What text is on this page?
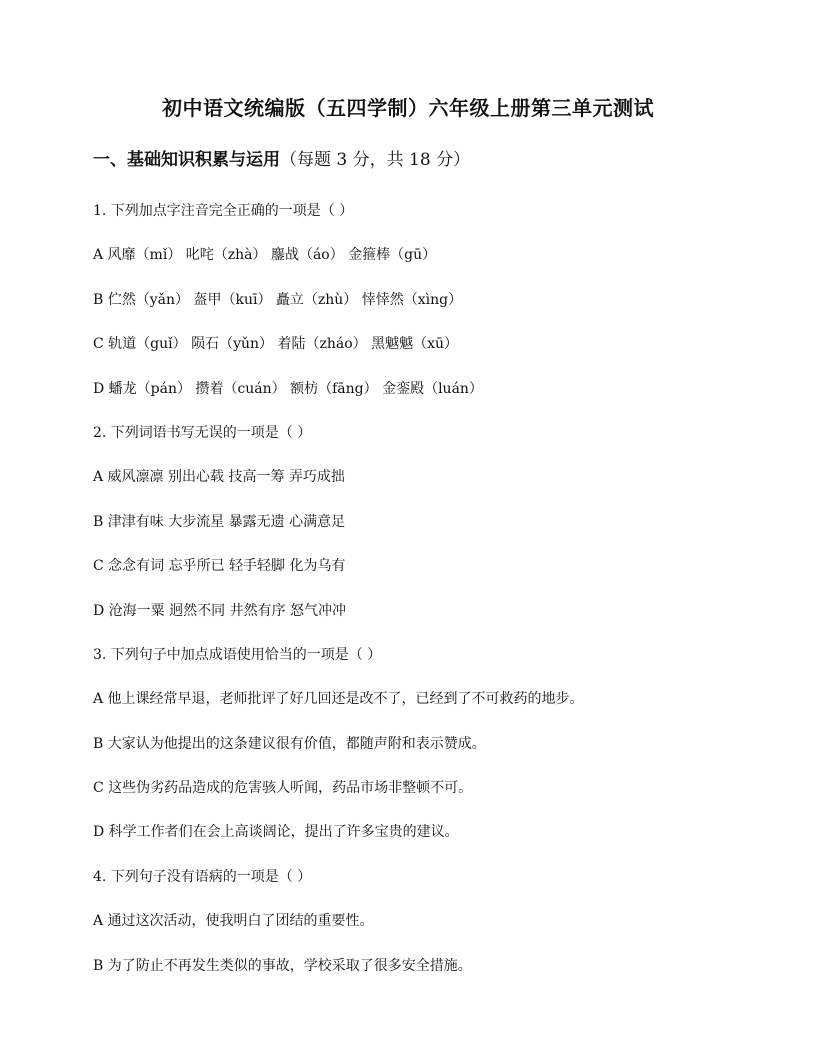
初中语文统编版（五四学制）六年级上册第三单元测试
一、基础知识积累与运用（每题 3 分，共 18 分）
1. 下列加点字注音完全正确的一项是（ ）
A 风靡（mǐ） 叱咤（zhà） 鏖战（áo） 金箍棒（gū）
B 伫然（yǎn） 盔甲（kuī） 矗立（zhù） 悻悻然（xìng）
C 轨道（guǐ） 陨石（yǔn） 着陆（zháo） 黑魆魆（xū）
D 蟠龙（pán） 攒着（cuán） 额枋（fāng） 金銮殿（luán）
2. 下列词语书写无误的一项是（ ）
A 威风凛凛 别出心载 技高一筹 弄巧成拙
B 津津有味 大步流星 暴露无遗 心满意足
C 念念有词 忘乎所已 轻手轻脚 化为乌有
D 沧海一粟 迥然不同 井然有序 怒气冲冲
3. 下列句子中加点成语使用恰当的一项是（ ）
A 他上课经常早退，老师批评了好几回还是改不了，已经到了不可救药的地步。
B 大家认为他提出的这条建议很有价值，都随声附和表示赞成。
C 这些伪劣药品造成的危害骇人听闻，药品市场非整顿不可。
D 科学工作者们在会上高谈阔论，提出了许多宝贵的建议。
4. 下列句子没有语病的一项是（ ）
A 通过这次活动，使我明白了团结的重要性。
B 为了防止不再发生类似的事故，学校采取了很多安全措施。
